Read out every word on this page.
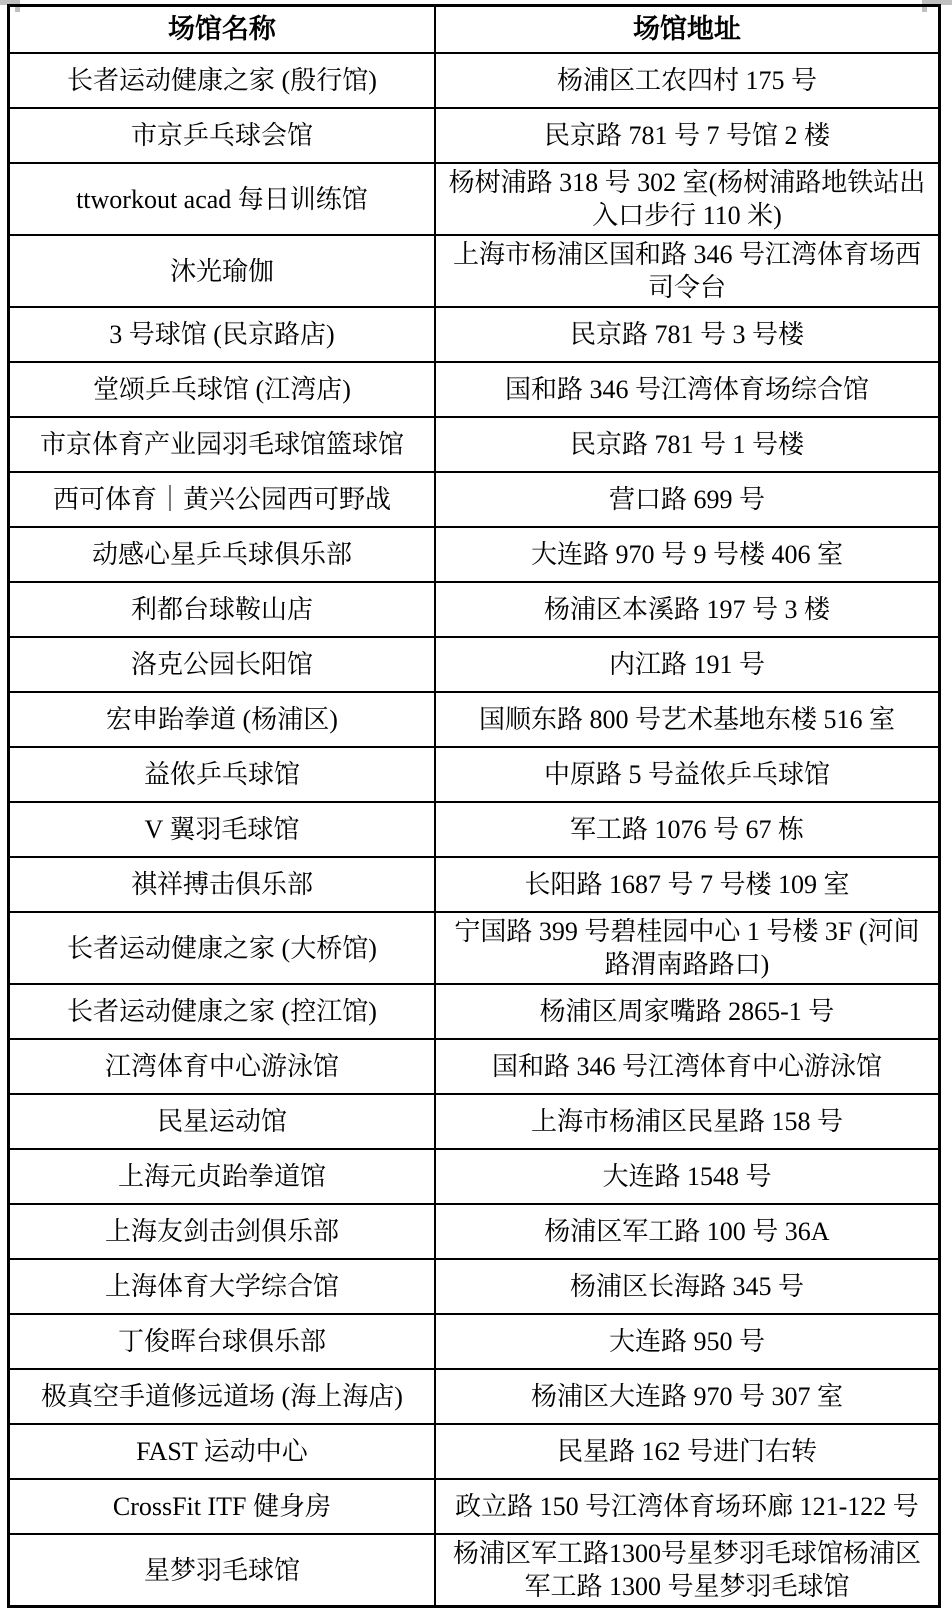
场馆名称	场馆地址
长者运动健康之家 (殷行馆)	杨浦区工农四村 175 号
市京乒乓球会馆	民京路 781 号 7 号馆 2 楼
ttworkout acad 每日训练馆	杨树浦路 318 号 302 室(杨树浦路地铁站出入口步行 110 米)
沐光瑜伽	上海市杨浦区国和路 346 号江湾体育场西司令台
3 号球馆 (民京路店)	民京路 781 号 3 号楼
堂颂乒乓球馆 (江湾店)	国和路 346 号江湾体育场综合馆
市京体育产业园羽毛球馆篮球馆	民京路 781 号 1 号楼
西可体育｜黄兴公园西可野战	营口路 699 号
动感心星乒乓球俱乐部	大连路 970 号 9 号楼 406 室
利都台球鞍山店	杨浦区本溪路 197 号 3 楼
洛克公园长阳馆	内江路 191 号
宏申跆拳道 (杨浦区)	国顺东路 800 号艺术基地东楼 516 室
益侬乒乓球馆	中原路 5 号益侬乒乓球馆
V 翼羽毛球馆	军工路 1076 号 67 栋
祺祥搏击俱乐部	长阳路 1687 号 7 号楼 109 室
长者运动健康之家 (大桥馆)	宁国路 399 号碧桂园中心 1 号楼 3F (河间路渭南路路口)
长者运动健康之家 (控江馆)	杨浦区周家嘴路 2865-1 号
江湾体育中心游泳馆	国和路 346 号江湾体育中心游泳馆
民星运动馆	上海市杨浦区民星路 158 号
上海元贞跆拳道馆	大连路 1548 号
上海友剑击剑俱乐部	杨浦区军工路 100 号 36A
上海体育大学综合馆	杨浦区长海路 345 号
丁俊晖台球俱乐部	大连路 950 号
极真空手道修远道场 (海上海店)	杨浦区大连路 970 号 307 室
FAST 运动中心	民星路 162 号进门右转
CrossFit ITF 健身房	政立路 150 号江湾体育场环廊 121-122 号
星梦羽毛球馆	杨浦区军工路1300号星梦羽毛球馆杨浦区军工路 1300 号星梦羽毛球馆
